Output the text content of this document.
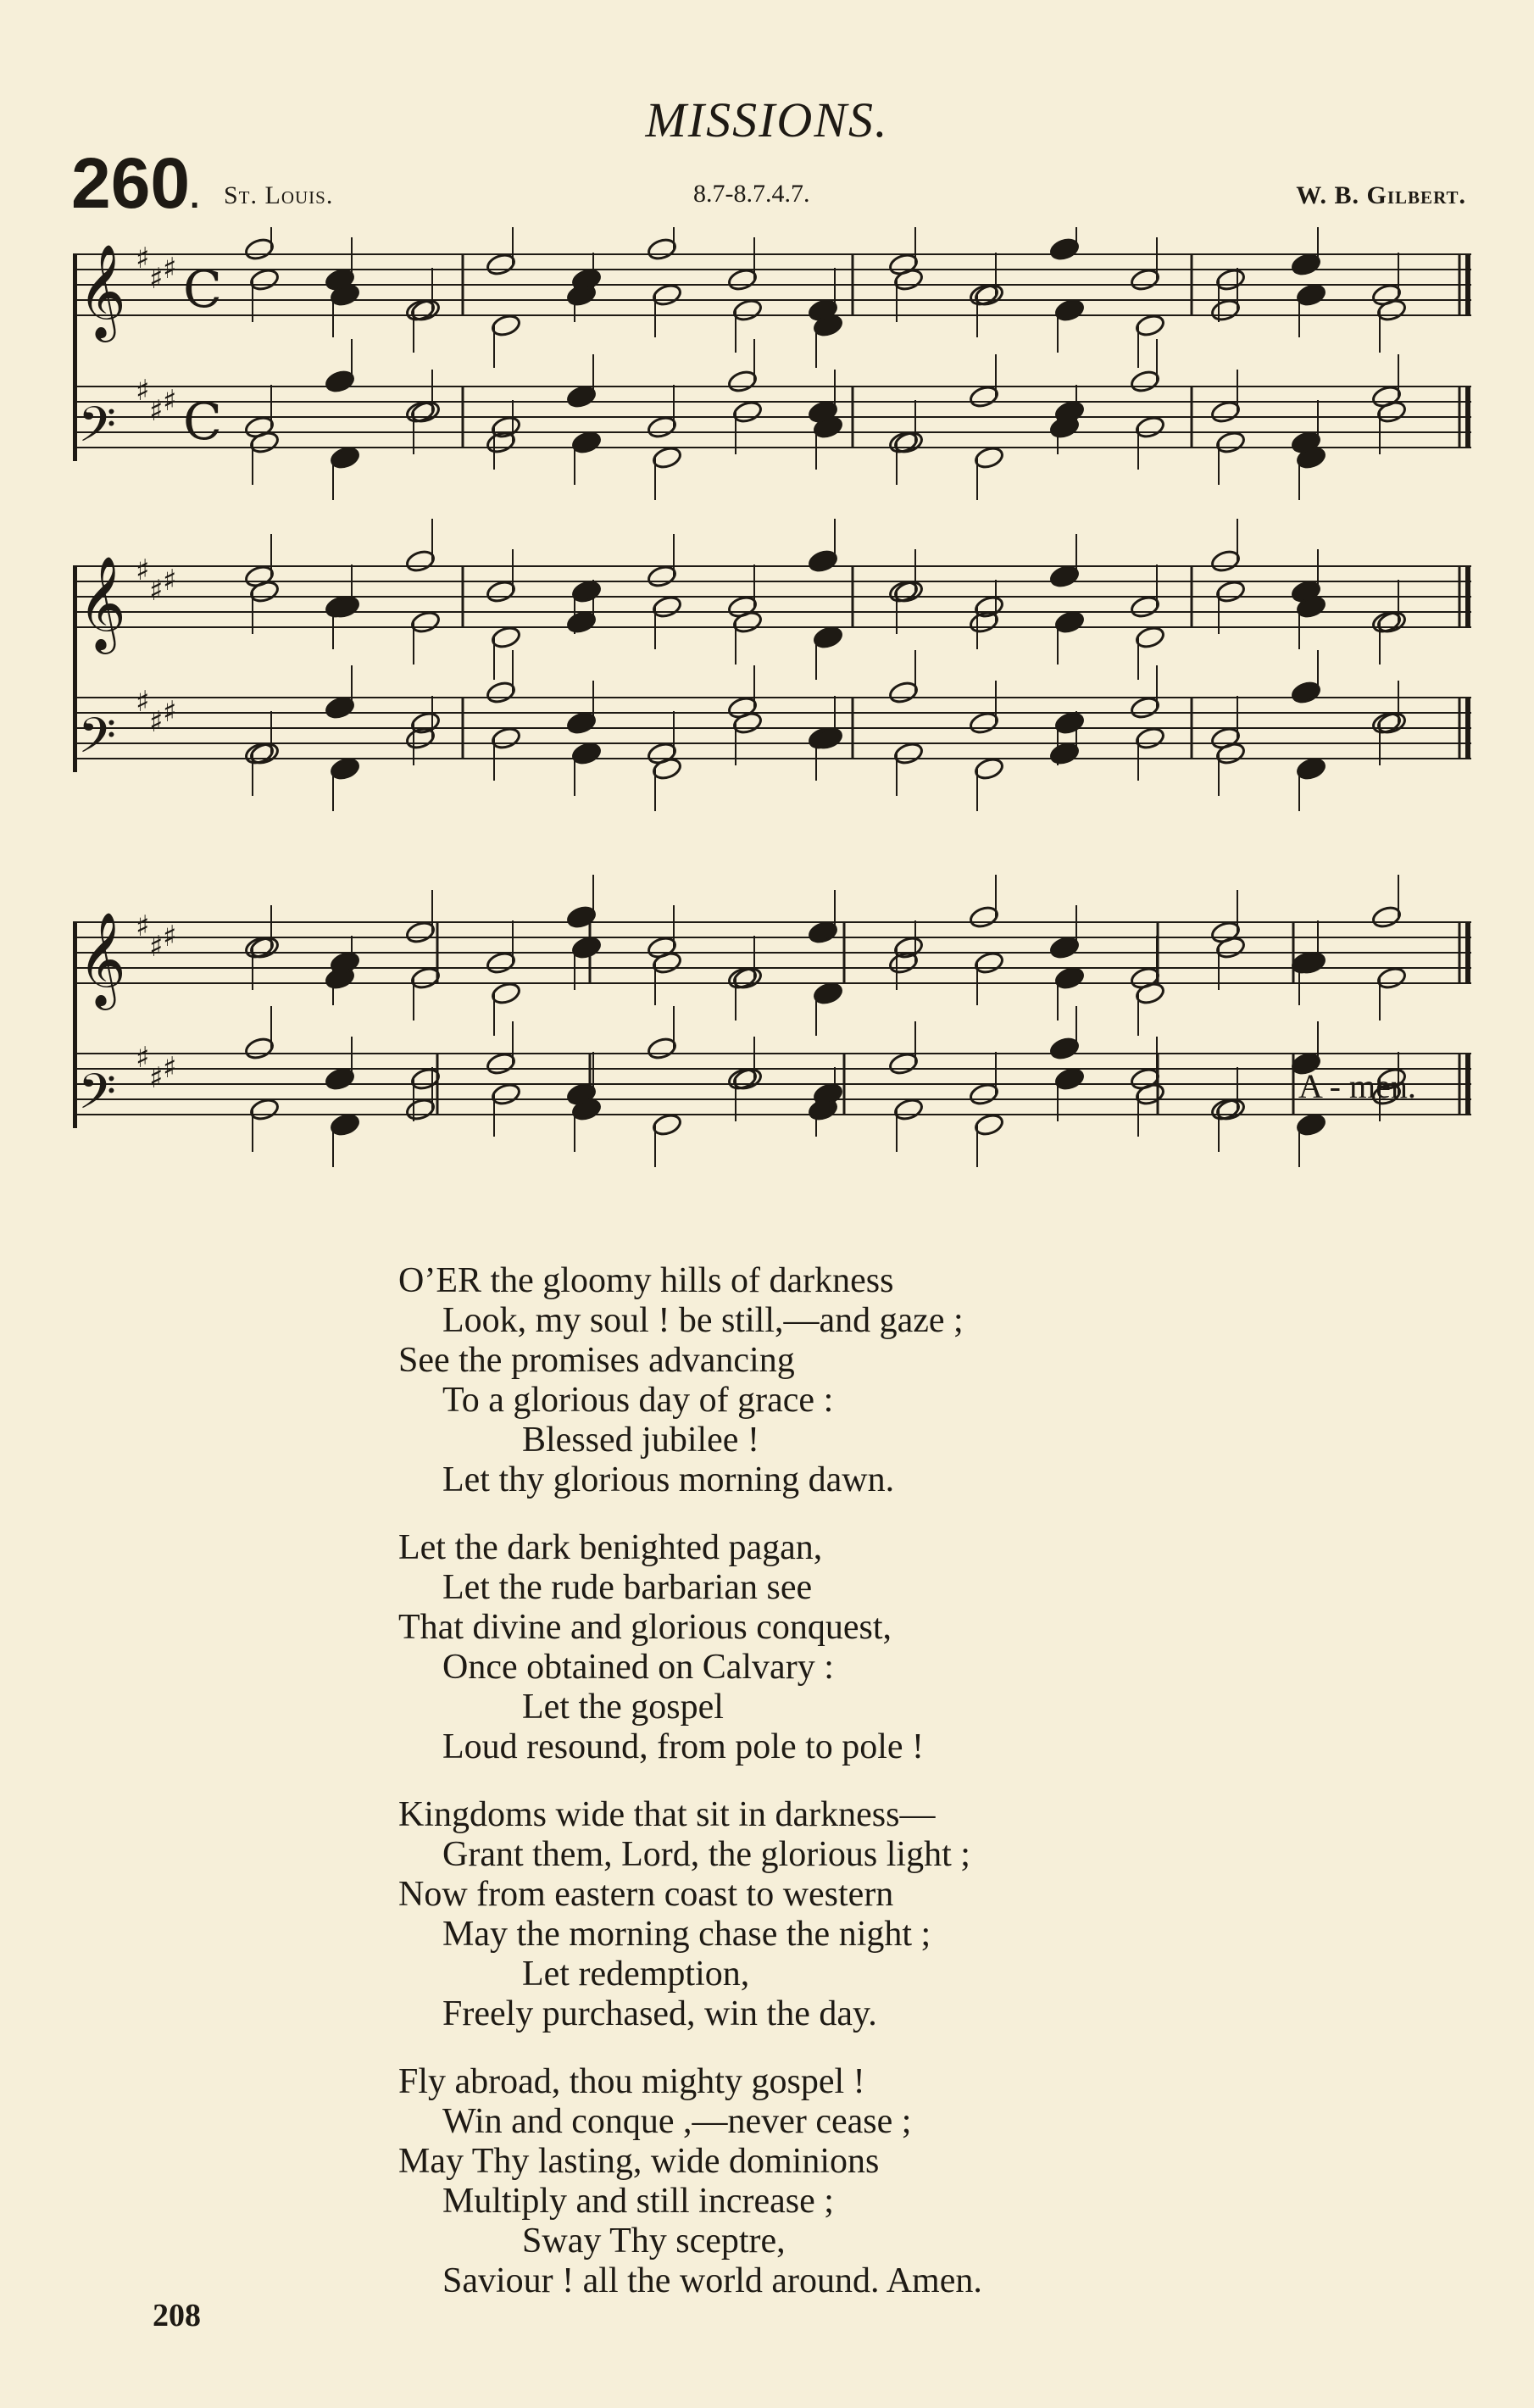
MISSIONS.
260. St. Louis.	8.7-8.7.4.7.	W. B. Gilbert.
𝄞 ♯
♯ ♯ C
𝄢
♯
♯ ♯ C
𝄞 ♯
♯ ♯
𝄢
♯
♯ ♯
𝄞 ♯
♯ ♯
𝄢
♯
♯ ♯	A - men.
O’ER the gloomy hills of darkness
Look, my soul ! be still,—and gaze ;
See the promises advancing
To a glorious day of grace :
Blessed jubilee !
Let thy glorious morning dawn.
Let the dark benighted pagan,
Let the rude barbarian see
That divine and glorious conquest,
Once obtained on Calvary :
Let the gospel
Loud resound, from pole to pole !
Kingdoms wide that sit in darkness—
Grant them, Lord, the glorious light ;
Now from eastern coast to western
May the morning chase the night ;
Let redemption,
Freely purchased, win the day.
Fly abroad, thou mighty gospel !
Win and conque ,—never cease ;
May Thy lasting, wide dominions
Multiply and still increase ;
Sway Thy sceptre,
Saviour ! all the world around. Amen.
208
